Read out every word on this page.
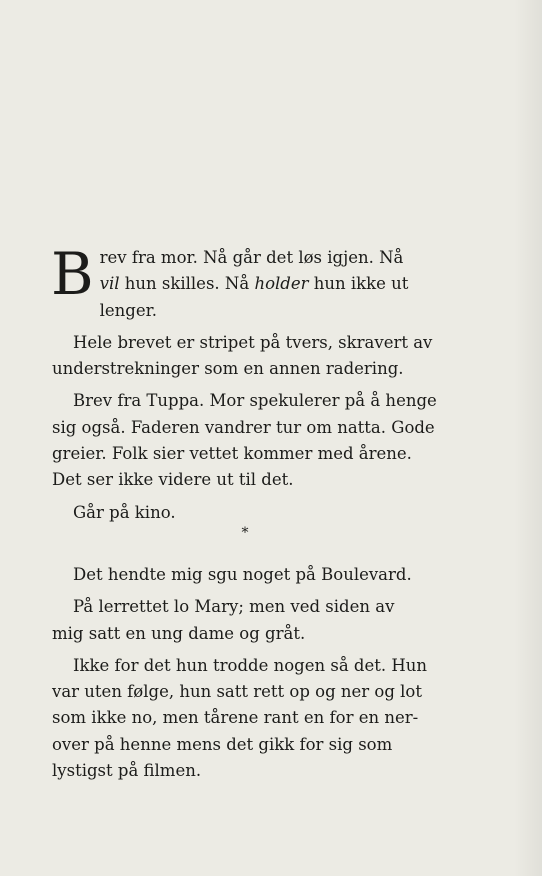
Brev fra mor. Nå går det løs igjen. Nå
vil hun skilles. Nå holder hun ikke ut
lenger.

Hele brevet er stripet på tvers, skravert av
understrekninger som en annen radering.

Brev fra Tuppa. Mor spekulerer på å henge
sig også. Faderen vandrer tur om natta. Gode
greier. Folk sier vettet kommer med årene.
Det ser ikke videre ut til det.

Går på kino.

*

Det hendte mig sgu noget på Boulevard.

På lerrettet lo Mary; men ved siden av
mig satt en ung dame og gråt.

Ikke for det hun trodde nogen så det. Hun
var uten følge, hun satt rett op og ner og lot
som ikke no, men tårene rant en for en ner-
over på henne mens det gikk for sig som
lystigst på filmen.
